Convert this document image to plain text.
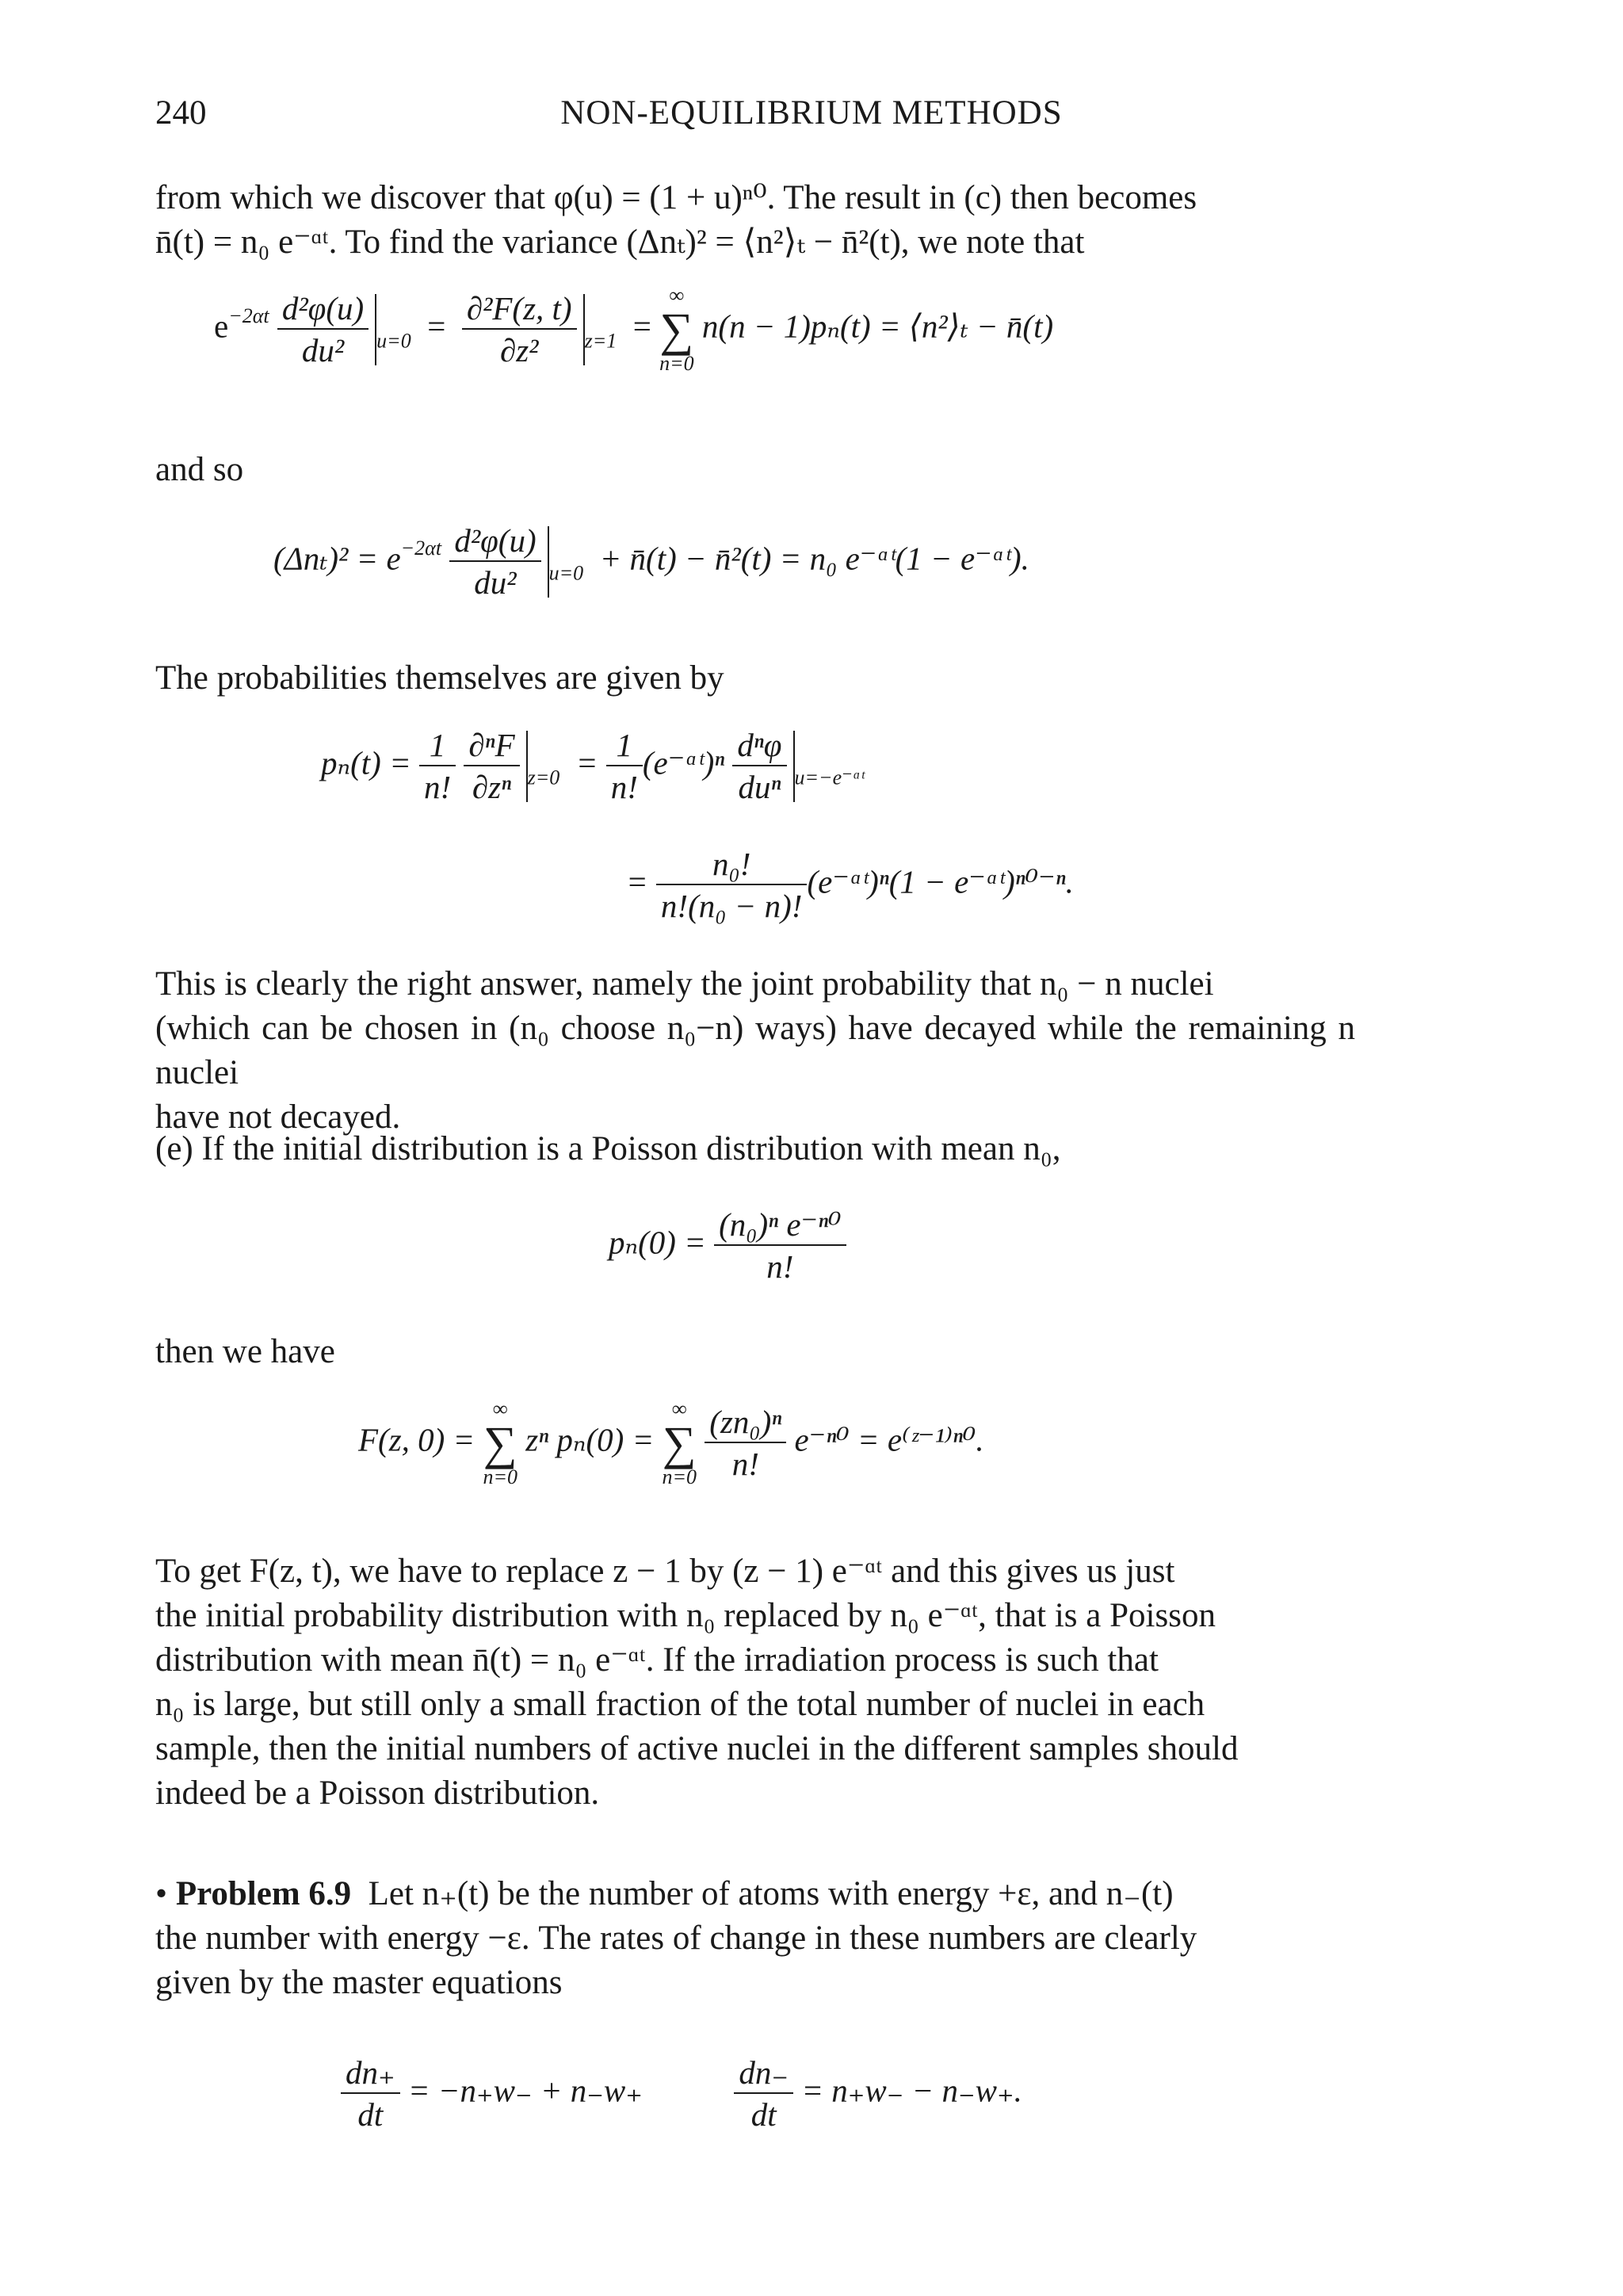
240	NON-EQUILIBRIUM METHODS
from which we discover that φ(u) = (1 + u)ⁿ⁰. The result in (c) then becomes
n̄(t) = n₀ e⁻ᵅᵗ. To find the variance (Δnₜ)² = ⟨n²⟩ₜ − n̄²(t), we note that
$e^{-2\alpha t} \frac{\text{d²φ(u)}}{\text{du²}} _{u=0} = \frac{\text{∂²F(z, t)}}{\text{∂z²}} _{z=1}$ =
∞
∑
n=0
n(n − 1)pₙ(t) = ⟨n²⟩ₜ − n̄(t)
and so
$(\Delta n_t)^2 = e^{-2\alpha t} \frac{\text{d²φ(u)}}{\text{du²}} _{u=0}$ + n̄(t) − n̄²(t) = n₀ e⁻ᵅᵗ(1 − e⁻ᵅᵗ).
The probabilities themselves are given by
$p_n(t) = \frac{1}{n!}$
$\frac{\text{∂ⁿF}}{\text{∂zⁿ}} _{z=0} = \frac{1}{n!}$ (e⁻ᵅᵗ)ⁿ $\frac{\text{dⁿφ}}{\text{duⁿ}} _{u=-e^-ᵅᵗ}$
= $\frac{\text{n₀!}}{\text{n!(n₀ − n)!}}$ (e⁻ᵅᵗ)ⁿ(1 − e⁻ᵅᵗ)ⁿ⁰⁻ⁿ.
This is clearly the right answer, namely the joint probability that n₀ − n nuclei
(which can be chosen in (n₀ choose n₀−n) ways) have decayed while the remaining n nuclei
have not decayed.
(e) If the initial distribution is a Poisson distribution with mean n₀,
$p_n(0) = \frac{\text{(n₀)ⁿ e⁻ⁿ⁰}}{n!}$
then we have
F(z, 0) =
∞
∑
n=0
zⁿ pₙ(0) =
∞
∑
n=0
$\frac{\text{(zn₀)ⁿ}}{n!} e^{-n0}$ = e⁽ᶻ⁻¹⁾ⁿ⁰.
To get F(z, t), we have to replace z − 1 by (z − 1) e⁻ᵅᵗ and this gives us just
the initial probability distribution with n₀ replaced by n₀ e⁻ᵅᵗ, that is a Poisson
distribution with mean n̄(t) = n₀ e⁻ᵅᵗ. If the irradiation process is such that
n₀ is large, but still only a small fraction of the total number of nuclei in each
sample, then the initial numbers of active nuclei in the different samples should
indeed be a Poisson distribution.
• Problem 6.9 Let n₊(t) be the number of atoms with energy +ε, and n₋(t)
the number with energy −ε. The rates of change in these numbers are clearly
given by the master equations
$\frac{dn_+}{dt} = -n_+w_- + n_-w_+$	$\frac{dn_-}{dt} = n_+w_- - n_-w_+$.
